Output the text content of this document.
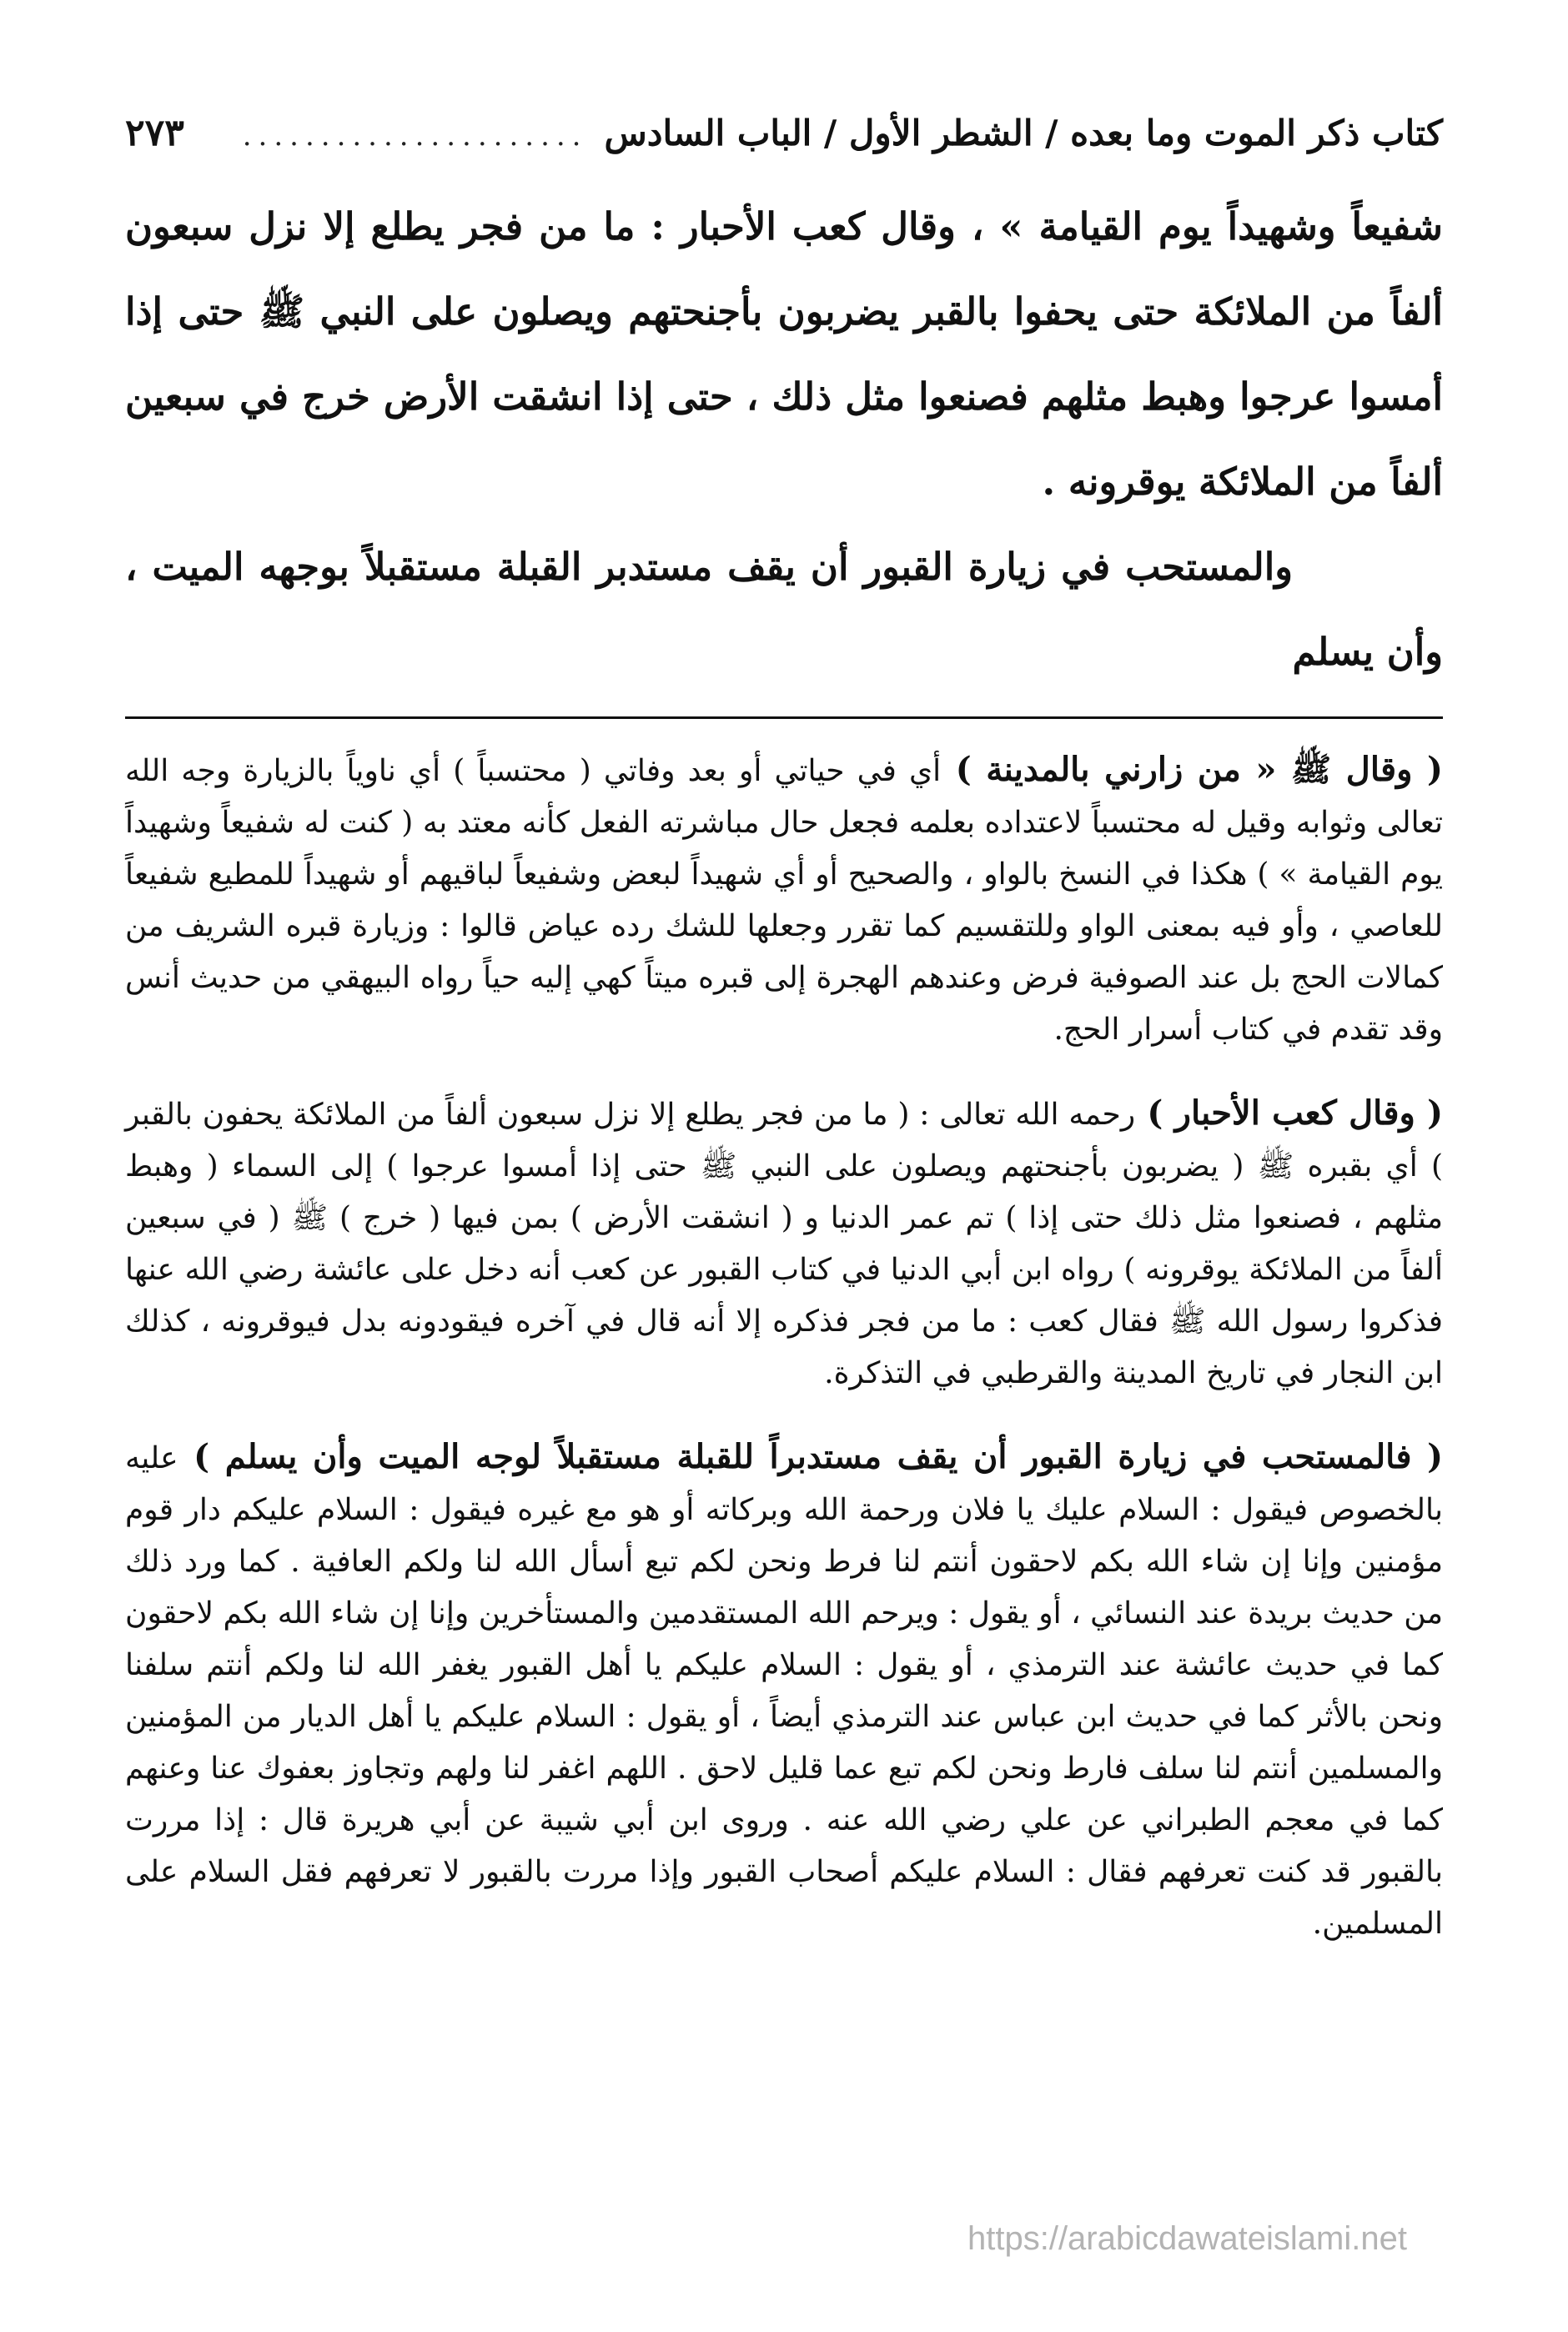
كتاب ذكر الموت وما بعده / الشطر الأول / الباب السادس
......................
٢٧٣

شفيعاً وشهيداً يوم القيامة » ، وقال كعب الأحبار : ما من فجر يطلع إلا نزل سبعون ألفاً من الملائكة حتى يحفوا بالقبر يضربون بأجنحتهم ويصلون على النبي ﷺ حتى إذا أمسوا عرجوا وهبط مثلهم فصنعوا مثل ذلك ، حتى إذا انشقت الأرض خرج في سبعين ألفاً من الملائكة يوقرونه .

والمستحب في زيارة القبور أن يقف مستدبر القبلة مستقبلاً بوجهه الميت ، وأن يسلم

( وقال ﷺ « من زارني بالمدينة ) أي في حياتي أو بعد وفاتي ( محتسباً ) أي ناوياً بالزيارة وجه الله تعالى وثوابه وقيل له محتسباً لاعتداده بعلمه فجعل حال مباشرته الفعل كأنه معتد به ( كنت له شفيعاً وشهيداً يوم القيامة » ) هكذا في النسخ بالواو ، والصحيح أو أي شهيداً لبعض وشفيعاً لباقيهم أو شهيداً للمطيع شفيعاً للعاصي ، وأو فيه بمعنى الواو وللتقسيم كما تقرر وجعلها للشك رده عياض قالوا : وزيارة قبره الشريف من كمالات الحج بل عند الصوفية فرض وعندهم الهجرة إلى قبره ميتاً كهي إليه حياً رواه البيهقي من حديث أنس وقد تقدم في كتاب أسرار الحج.

( وقال كعب الأحبار ) رحمه الله تعالى : ( ما من فجر يطلع إلا نزل سبعون ألفاً من الملائكة يحفون بالقبر ) أي بقبره ﷺ ( يضربون بأجنحتهم ويصلون على النبي ﷺ حتى إذا أمسوا عرجوا ) إلى السماء ( وهبط مثلهم ، فصنعوا مثل ذلك حتى إذا ) تم عمر الدنيا و ( انشقت الأرض ) بمن فيها ( خرج ) ﷺ ( في سبعين ألفاً من الملائكة يوقرونه ) رواه ابن أبي الدنيا في كتاب القبور عن كعب أنه دخل على عائشة رضي الله عنها فذكروا رسول الله ﷺ فقال كعب : ما من فجر فذكره إلا أنه قال في آخره فيقودونه بدل فيوقرونه ، كذلك ابن النجار في تاريخ المدينة والقرطبي في التذكرة.

( فالمستحب في زيارة القبور أن يقف مستدبراً للقبلة مستقبلاً لوجه الميت وأن يسلم ) عليه بالخصوص فيقول : السلام عليك يا فلان ورحمة الله وبركاته أو هو مع غيره فيقول : السلام عليكم دار قوم مؤمنين وإنا إن شاء الله بكم لاحقون أنتم لنا فرط ونحن لكم تبع أسأل الله لنا ولكم العافية . كما ورد ذلك من حديث بريدة عند النسائي ، أو يقول : ويرحم الله المستقدمين والمستأخرين وإنا إن شاء الله بكم لاحقون كما في حديث عائشة عند الترمذي ، أو يقول : السلام عليكم يا أهل القبور يغفر الله لنا ولكم أنتم سلفنا ونحن بالأثر كما في حديث ابن عباس عند الترمذي أيضاً ، أو يقول : السلام عليكم يا أهل الديار من المؤمنين والمسلمين أنتم لنا سلف فارط ونحن لكم تبع عما قليل لاحق . اللهم اغفر لنا ولهم وتجاوز بعفوك عنا وعنهم كما في معجم الطبراني عن علي رضي الله عنه . وروى ابن أبي شيبة عن أبي هريرة قال : إذا مررت بالقبور قد كنت تعرفهم فقال : السلام عليكم أصحاب القبور وإذا مررت بالقبور لا تعرفهم فقل السلام على المسلمين.

https://arabicdawateislami.net
